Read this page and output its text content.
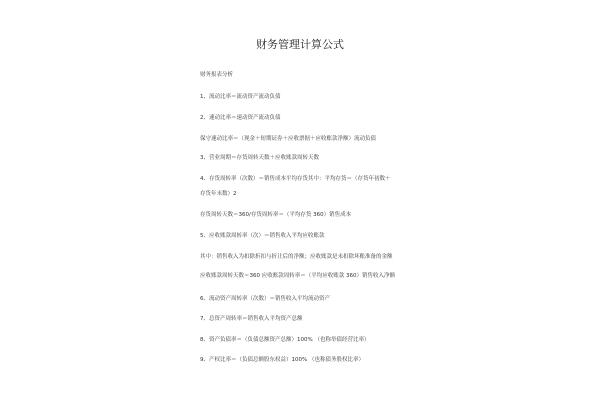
财务管理计算公式
财务报表分析
1、流动比率＝流动资产流动负债
2、速动比率＝速动资产流动负债
保守速动比率＝（现金＋短期证券＋应收票据＋应收账款净额）流动负债
3、营业周期＝存货周转天数＋应收账款周转天数
4、存货周转率（次数）＝销售成本平均存货其中：平均存货＝（存货年初数＋
存货年末数）2
存货周转天数＝360/存货周转率＝（平均存货 360）销售成本
5、应收账款周转率（次）＝销售收入平均应收账款
其中：销售收入为扣除折扣与折让后的净额；应收账款是未扣除坏账准备的金额
应收账款周转天数＝360 应收账款周转率＝（平均应收账款 360）销售收入净额
6、流动资产周转率（次数）＝销售收入平均流动资产
7、总资产周转率＝销售收入平均资产总额
8、资产负债率＝（负债总额资产总额）100% （也称举债经营比率）
9、产权比率＝（负债总额股东权益）100% （也称债务股权比率）
